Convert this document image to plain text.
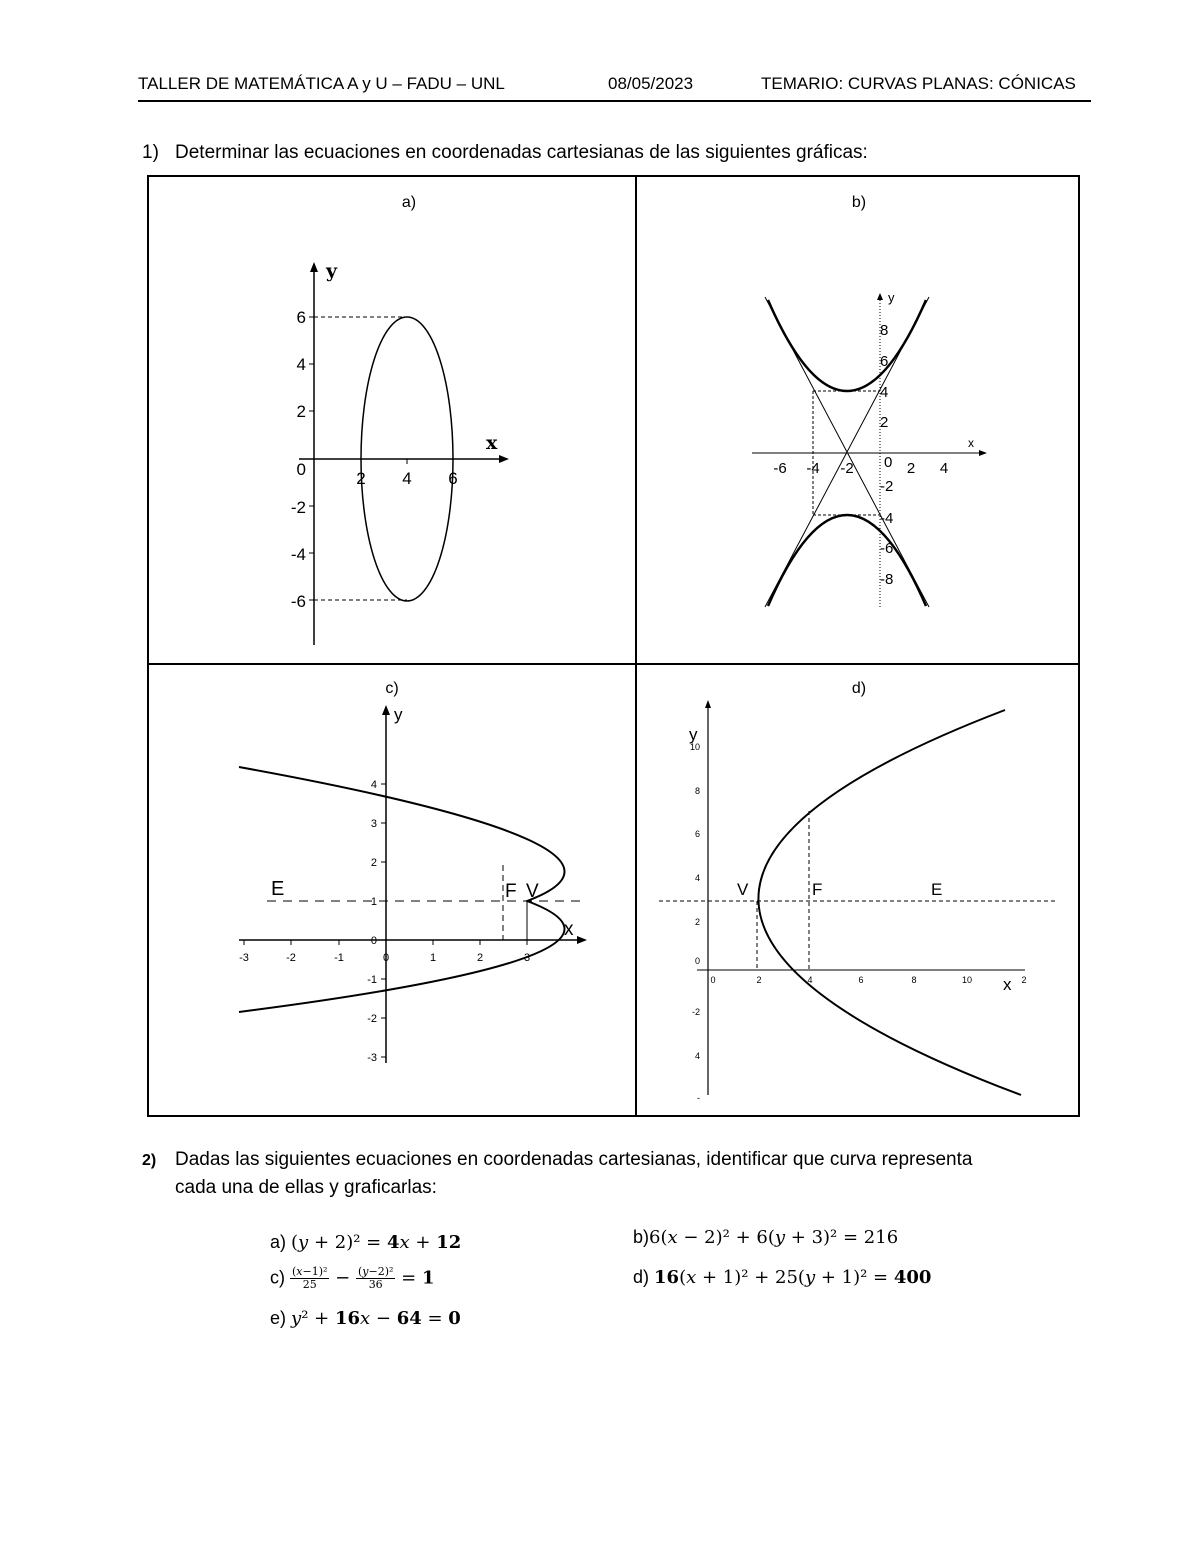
TALLER DE MATEMÁTICA A y U – FADU – UNL	08/05/2023	TEMARIO: CURVAS PLANAS: CÓNICAS
1) Determinar las ecuaciones en coordenadas cartesianas de las siguientes gráficas:
a)
y
x
6
4
2
0
-2
-4
-6
2 4 6
b)
y
x
8
6
4
2
0
-2
-4
-6
-8
-6 -4 -2	2 4
c)
y
x
4
3
2
1
0
-1
-2
-3
-3	-2	-1	0	1	2	3
E	F V
d)
y
x
10
8
6
4
2
0
-2
4
-
0	2	4	6	8	10	2
V	F	E
2) Dadas las siguientes ecuaciones en coordenadas cartesianas, identificar que curva representa
cada una de ellas y graficarlas:
a) (y + 2)² = 4x + 12	b)6(x − 2)² + 6(y + 3)² = 216
$c) \frac{\text{(x−1)²}}{25} - \frac{\text{(y−2)²}}{36} = 1$	d) 16(x + 1)² + 25(y + 1)² = 400
e) y² + 16x − 64 = 0
